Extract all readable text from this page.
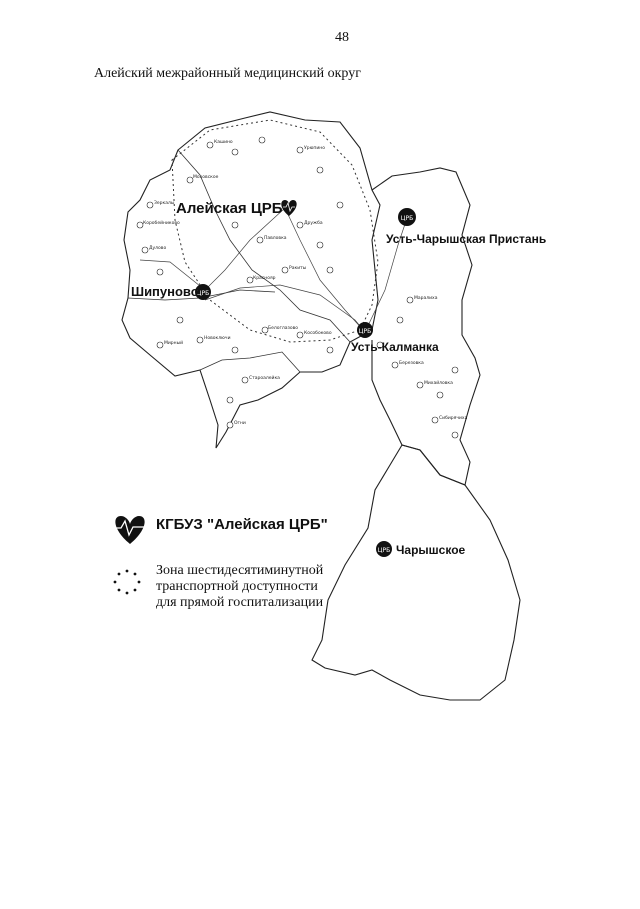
48
Алейский межрайонный медицинский округ
Кашино
Урюпино
Моховское
Зеркалы
Дружба
Павловка
Краснояр
Ракиты
Мирный
Коробейниково
Дулово
Новоключи
Белоглазово
Староалейка
Кособоково
Огни
Михайловка
Березовка
Сибирячиха
Маралиха
ЦРБ
ЦРБ
ЦРБ
ЦРБ
Алейская ЦРБ
Усть-Чарышская Пристань
Шипуново
Усть-Калманка
Чарышское
КГБУЗ "Алейская ЦРБ"
Зона шестидесятиминутной
транспортной доступности
для прямой госпитализации
